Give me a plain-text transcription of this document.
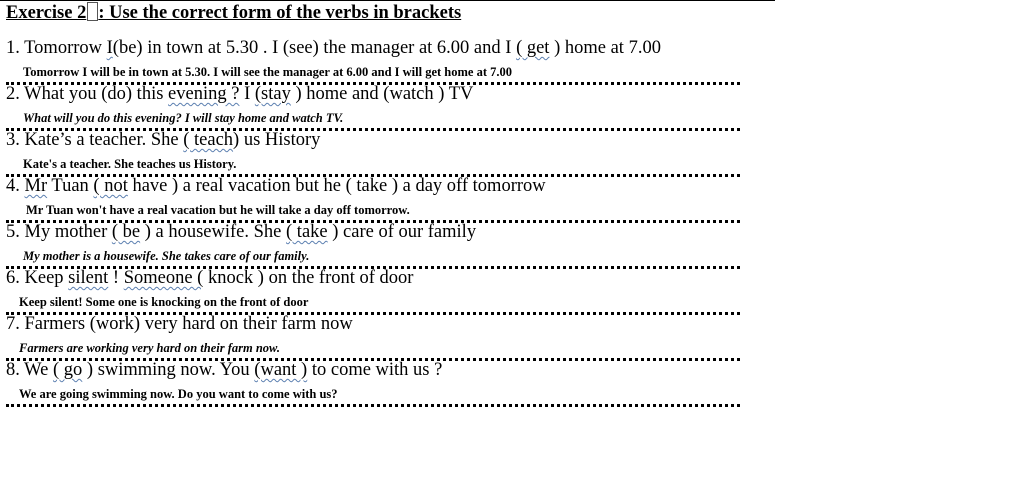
Exercise 2 : Use the correct form of the verbs in brackets
1. Tomorrow I(be) in town at 5.30 . I (see) the manager at 6.00 and I ( get ) home at 7.00
Tomorrow I will be in town at 5.30. I will see the manager at 6.00 and I will get home at 7.00
2. What you (do) this evening ? I (stay ) home and (watch ) TV
What will you do this evening? I will stay home and watch TV.
3. Kate’s a teacher. She ( teach) us History
Kate's a teacher. She teaches us History.
4. Mr Tuan ( not have ) a real vacation but he ( take ) a day off tomorrow
Mr Tuan won't have a real vacation but he will take a day off tomorrow.
5. My mother ( be ) a housewife. She ( take ) care of our family
My mother is a housewife. She takes care of our family.
6. Keep silent ! Someone ( knock ) on the front of door
Keep silent! Some one is knocking on the front of door
7. Farmers (work) very hard on their farm now
Farmers are working very hard on their farm now.
8. We ( go ) swimming now. You (want ) to come with us ?
We are going swimming now. Do you want to come with us?
